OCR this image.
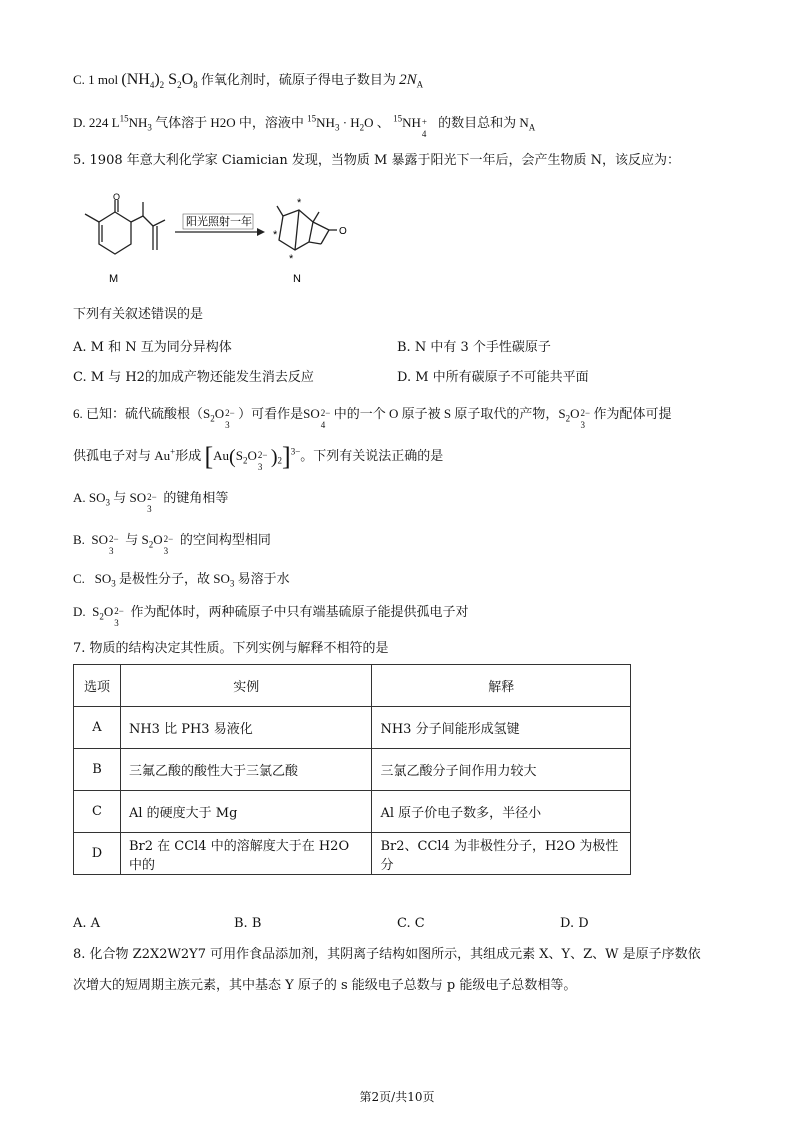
C. 1 mol $(NH_4)_2$ $S_2O_8$ 作氧化剂时，硫原子得电子数目为 $2N_A$
D. 224 $L^{15}NH_3$ 气体溶于 H2O 中，溶液中 $^{15}NH_3 \cdot H_2O$ 、 $^{15}$NH +
4
的数目总和为 $N_A$
5. 1908 年意大利化学家 Ciamician 发现，当物质 M 暴露于阳光下一年后，会产生物质 N，该反应为：
O
M
阳光照射一年
O
*
*
*
N
下列有关叙述错误的是
A. M 和 N 互为同分异构体	B. N 中有 3 个手性碳原子
C. M 与 H2的加成产物还能发生消去反应	D. M 中所有碳原子不可能共平面
6. 已知：硫代硫酸根（$S_2O$ 2−
3
）可看作是SO 2−
4
中的一个 O 原子被 S 原子取代的产物，$S_2O$ 2−
3
作为配体可提
供孤电子对与 Au+形成 [$Au(S_2O$ 2−
3 )$_2]^{3-}$。下列有关说法正确的是
A. $SO_3$ 与 SO 2−
3
的键角相等
B.  SO 2−
3
与 $S_2O$ 2−
3
的空间构型相同
C.   $SO_3$ 是极性分子，故 $SO_3$ 易溶于水
D.  $S_2O$ 2−
3
作为配体时，两种硫原子中只有端基硫原子能提供孤电子对
7. 物质的结构决定其性质。下列实例与解释不相符的是
选项	实例	解释
A	NH3 比 PH3 易液化	NH3 分子间能形成氢键
B	三氟乙酸的酸性大于三氯乙酸	三氯乙酸分子间作用力较大
C	Al 的硬度大于 Mg	Al 原子价电子数多，半径小
D	Br2 在 CCl4 中的溶解度大于在 H2O 中的	Br2、CCl4 为非极性分子，H2O 为极性分
A. A	B. B	C. C	D. D
8. 化合物 Z2X2W2Y7 可用作食品添加剂，其阴离子结构如图所示，其组成元素 X、Y、Z、W 是原子序数依
次增大的短周期主族元素，其中基态 Y 原子的 s 能级电子总数与 p 能级电子总数相等。
第2页/共10页
